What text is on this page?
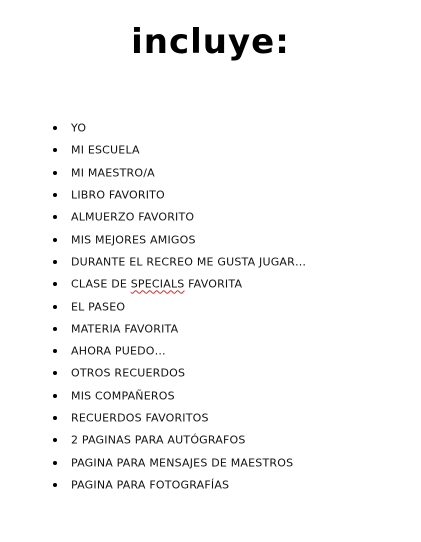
incluye:
YO
MI ESCUELA
MI MAESTRO/A
LIBRO FAVORITO
ALMUERZO FAVORITO
MIS MEJORES AMIGOS
DURANTE EL RECREO ME GUSTA JUGAR…
CLASE DE SPECIALS FAVORITA
EL PASEO
MATERIA FAVORITA
AHORA PUEDO…
OTROS RECUERDOS
MIS COMPAÑEROS
RECUERDOS FAVORITOS
2 PAGINAS PARA AUTÓGRAFOS
PAGINA PARA MENSAJES DE MAESTROS
PAGINA PARA FOTOGRAFÍAS
